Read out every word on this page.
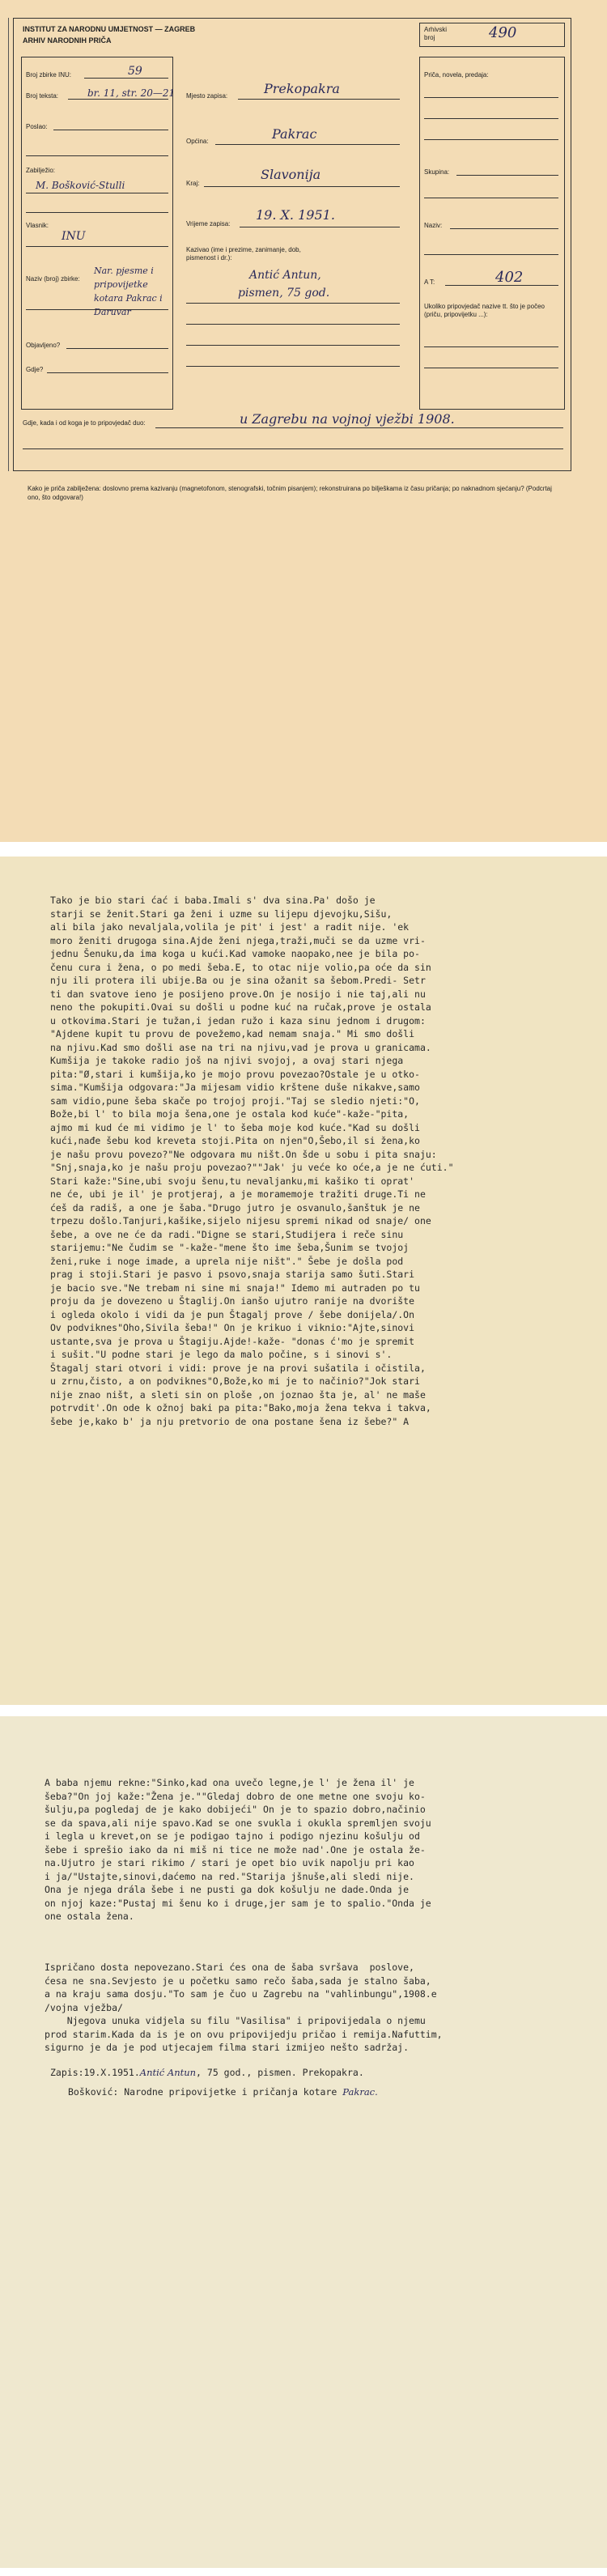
INSTITUT ZA NARODNU UMJETNOST — ZAGREB
ARHIV NARODNIH PRIČA
Arhivski broj	490
Broj zbirke INU:	59
Broj teksta:	br. 11, str. 20—21
Poslao:
Zabilježio:
M. Bošković-Stulli
Vlasnik:
INU
Naziv (broj) zbirke:
Nar. pjesme i pripovijetke kotara Pakrac i Daruvar
Objavljeno?
Gdje?
Mjesto zapisa:	Prekopakra
Općina:	Pakrac
Kraj:
Slavonija
Vrijeme zapisa:
19. X. 1951.
Kazivao (ime i prezime, zanimanje, dob, pismenost i dr.):
Antić Antun,
pismen, 75 god.
Priča, novela, predaja:
Skupina:
Naziv:
A T:	402
Ukoliko pripovjedač nazive tt. što je počeo (priču, pripovijetku ...):
Gdje, kada i od koga je to pripovjedač duo:	u Zagrebu na vojnoj vježbi 1908.
Kako je priča zabilježena: doslovno prema kazivanju (magnetofonom, stenografski, točnim pisanjem); rekonstruirana po bilješkama iz času pričanja; po naknadnom sjećanju? (Podcrtaj ono, što odgovara!)
Tako je bio stari ćać i baba.Imali s' dva sina.Pa' došo je
starji se ženit.Stari ga ženi i uzme su lijepu djevojku,Sišu,
ali bila jako nevaljala,volila je pit' i jest' a radit nije. 'ek
moro ženiti drugoga sina.Ajde ženi njega,traži,muči se da uzme vri-
jednu Šenuku,da ima koga u kući.Kad vamoke naopako,nee je bila po-
čenu cura i žena, o po medi šeba.E, to otac nije volio,pa oće da sin
nju ili protera ili ubije.Ba ou je sina ožanit sa šebom.Predi- Setr
ti dan svatove ieno je posijeno prove.On je nosijo i nie taj,ali nu
neno the pokupiti.Ovai su došli u podne kuć na ručak,prove je ostala
u otkovima.Stari je tužan,i jedan ružo i kaza sinu jednom i drugom:
"Ajdene kupit tu provu de povežemo,kad nemam snaja." Mi smo došli
na njivu.Kad smo došli ase na tri na njivu,vad je prova u granicama.
Kumšija je takoke radio još na njivi svojoj, a ovaj stari njega
pita:"Ø,stari i kumšija,ko je mojo provu povezao?Ostale je u otko-
sima."Kumšija odgovara:"Ja mijesam vidio krštene duše nikakve,samo
sam vidio,pune šeba skače po trojoj proji."Taj se sledio njeti:"O,
Bože,bi l' to bila moja šena,one je ostala kod kuće"-kaže-"pita,
ajmo mi kud će mi vidimo je l' to šeba moje kod kuće."Kad su došli
kući,nađe šebu kod kreveta stoji.Pita on njen"O,Šebo,il si žena,ko
je našu provu povezo?"Ne odgovara mu ništ.On šde u sobu i pita snaju:
"Snj,snaja,ko je našu proju povezao?""Jak' ju veće ko oće,a je ne ćuti."
Stari kaže:"Sine,ubi svoju šenu,tu nevaljanku,mi kašiko ti oprat'
ne će, ubi je il' je protjeraj, a je moramemoje tražiti druge.Ti ne
ćeš da radiš, a one je šaba."Drugo jutro je osvanulo,šanštuk je ne
trpezu došlo.Tanjuri,kašike,sijelo nijesu spremi nikad od snaje/ one
šebe, a ove ne će da radi."Digne se stari,Studijera i reče sinu
starijemu:"Ne čudim se "-kaže-"mene što ime šeba,Šunim se tvojoj
ženi,ruke i noge imade, a uprela nije ništ"." Šebe je došla pod
prag i stoji.Stari je pasvo i psovo,snaja starija samo šuti.Stari
je bacio sve."Ne trebam ni sine mi snaja!" Idemo mi autraden po tu
proju da je dovezeno u Štaglij.On ianšo ujutro ranije na dvorište
i ogleda okolo i vidi da je pun Štagalj prove / šebe donijela/.On
Ov podviknes"Oho,Sivila šeba!" On je krikuo i viknio:"Ajte,sinovi
ustante,sva je prova u Štagiju.Ajde!-kaže- "donas ć'mo je spremit
i sušit."U podne stari je lego da malo počine, s i sinovi s'.
Štagalj stari otvori i vidi: prove je na provi sušatila i očistila,
u zrnu,čisto, a on podviknes"O,Bože,ko mi je to načinio?"Jok stari
nije znao ništ, a sleti sin on ploše ,on joznao šta je, al' ne maše
potrvdit'.On ode k ožnoj baki pa pita:"Bako,moja žena tekva i takva,
šebe je,kako b' ja nju pretvorio de ona postane šena iz šebe?" A
A baba njemu rekne:"Sinko,kad ona uvečo legne,je l' je žena il' je
šeba?"On joj kaže:"Žena je.""Gledaj dobro de one metne one svoju ko-
šulju,pa pogledaj de je kako dobijeći" On je to spazio dobro,načinio
se da spava,ali nije spavo.Kad se one svukla i okukla spremljen svoju
i legla u krevet,on se je podigao tajno i podigo njezinu košulju od
šebe i sprešio iako da ni miš ni tice ne može nad'.One je ostala že-
na.Ujutro je stari rikimo / stari je opet bio uvik napolju pri kao
i ja/"Ustajte,sinovi,daćemo na red."Starija jšnuše,ali sledi nije.
Ona je njega drála šebe i ne pusti ga dok košulju ne dade.Onda je
on njoj kaze:"Pustaj mi šenu ko i druge,jer sam je to spalio."Onda je
one ostala žena.
Ispričano dosta nepovezano.Stari ćes ona de šaba svršava  poslove,
ćesa ne sna.Sevjesto je u početku samo rečo šaba,sada je stalno šaba,
a na kraju sama dosju."To sam je čuo u Zagrebu na "vahlinbungu",1908.e
/vojna vježba/
Njegova unuka vidjela su filu "Vasilisa" i pripovijedala o njemu
prod starim.Kada da is je on ovu pripovijedju pričao i remija.Nafuttim,
sigurno je da je pod utjecajem filma stari izmijeo nešto sadržaj.
Zapis:19.X.1951.Antić Antun, 75 god., pismen. Prekopakra.
Bošković: Narodne pripovijetke i pričanja kotare Pakrac.
